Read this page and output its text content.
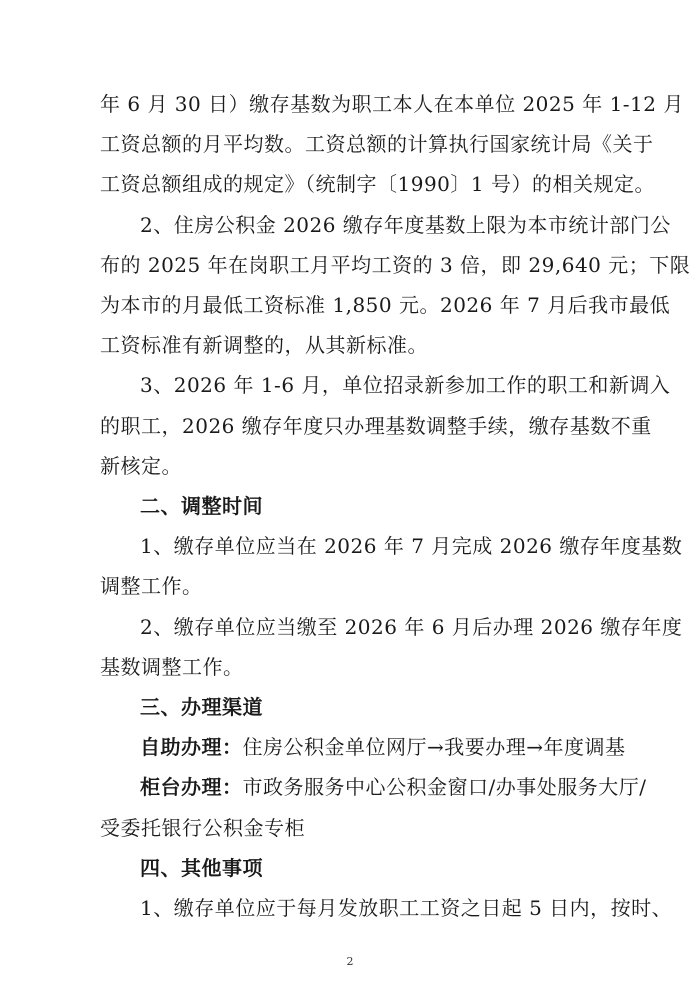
年 6 月 30 日）缴存基数为职工本人在本单位 2025 年 1-12 月
工资总额的月平均数。工资总额的计算执行国家统计局《关于
工资总额组成的规定》（统制字〔1990〕1 号）的相关规定。
2、住房公积金 2026 缴存年度基数上限为本市统计部门公
布的 2025 年在岗职工月平均工资的 3 倍，即 29,640 元；下限
为本市的月最低工资标准 1,850 元。2026 年 7 月后我市最低
工资标准有新调整的，从其新标准。
3、2026 年 1-6 月，单位招录新参加工作的职工和新调入
的职工，2026 缴存年度只办理基数调整手续，缴存基数不重
新核定。
二、调整时间
1、缴存单位应当在 2026 年 7 月完成 2026 缴存年度基数
调整工作。
2、缴存单位应当缴至 2026 年 6 月后办理 2026 缴存年度
基数调整工作。
三、办理渠道
自助办理：住房公积金单位网厅→我要办理→年度调基
柜台办理：市政务服务中心公积金窗口/办事处服务大厅/
受委托银行公积金专柜
四、其他事项
1、缴存单位应于每月发放职工工资之日起 5 日内，按时、
2
